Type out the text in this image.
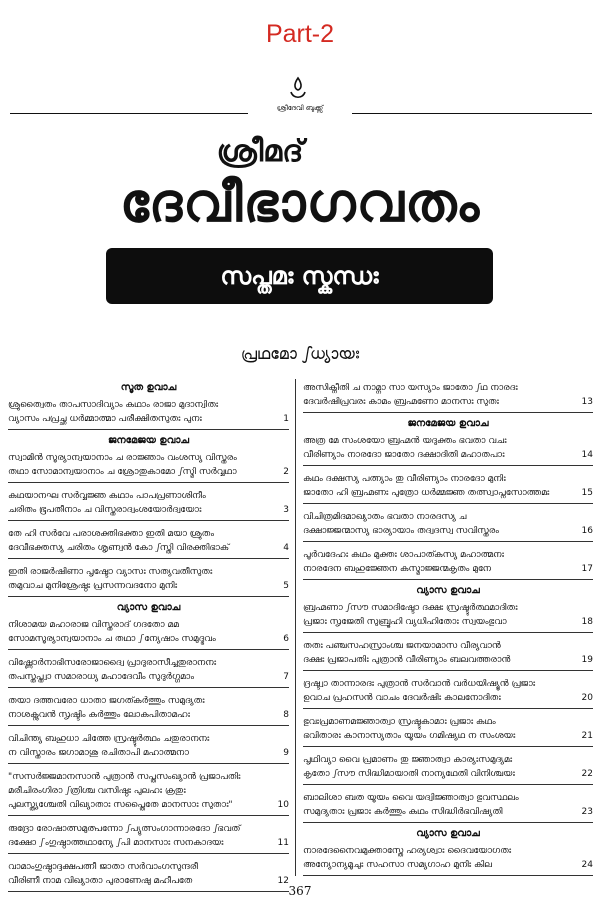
Part-2
ശ്രീദേവി ബുക്ക്സ്
ശ്രീമദ്
ദേവീഭാഗവതം
സപ്തമഃ സ്കന്ധഃ
പ്രഥമോ ഽധ്യായഃ
സൂത ഉവാച
ശ്രുത്വൈതം താപസാദിവ്യാം കഥാം രാജാ മുദാന്വിതഃ
വ്യാസം പപ്രച്ഛ ധർമ്മാത്മാ പരീക്ഷിതസുതഃ പുനഃ	1
ജനമേജയ ഉവാച
സ്വാമിൻ സൂര്യാന്വയാനാം ച രാജ്ഞാം വംശസ്യ വിസ്തരം
തഥാ സോമാന്വയാനാം ച ശ്രോതുകാമോ ഽസ്മി സർവ്വഥാ	2
കഥയാനഘ സർവ്വജ്ഞ കഥാം പാപപ്രണാശിനീം
ചരിതം ഭൂപതീനാം ച വിസ്തരാദ്വംശയോർദ്വയോഃ	3
തേ ഹി സർവേ പരാശക്തിഭക്താ ഇതി മയാ ശ്രുതം
ദേവീഭക്തസ്യ ചരിതം ശൃണ്വൻ കോ ഽസ്തി വിരക്തിഭാക്	4
ഇതി രാജർഷിണാ പൃഷ്ടോ വ്യാസഃ സത്യവതീസുതഃ
തമുവാച മുനിശ്രേഷ്ഠഃ പ്രസന്നവദനോ മുനിഃ	5
വ്യാസ ഉവാച
നിശാമയ മഹാരാജ വിസ്തരാദ് ഗദതോ മമ
സോമസൂര്യാന്വയാനാം ച തഥാ ഽന്യേഷാം സമുദ്ഭവം	6
വിഷ്ണോർനാഭിസരോജാദ്വൈ പ്രാദുരാസീച്ചതുരാനനഃ
തപസ്തപ്ത്വാ സമാരാധ്യ മഹാദേവീം സുദുർഗ്ഗമാം	7
തയാ ദത്തവരോ ധാതാ ജഗത്കർത്തും സമുദ്യതഃ
നാശക്നുവൻ സൃഷ്ടിം കർത്തും ലോകപിതാമഹഃ	8
വിചിന്ത്യ ബഹുധാ ചിത്തേ സ്രഷ്ടുർത്ഥം ചതുരാനനഃ
ന വിസ്താരം ജഗാമാശു രചിതാപി മഹാത്മനാ	9
"സസർജ്ജമാനസാൻ പുത്രാൻ സപ്തസംഖ്യാൻ പ്രജാപതിഃ
മരീചിരംഗിരാ ഽത്രിശ്ച വസിഷ്ഠഃ പുലഹഃ ക്രതുഃ
പുലസ്ത്യശ്ചേതി വിഖ്യാതാഃ സപ്തൈതേ മാനസാഃ സുതാഃ"	10
രുദ്രോ രോഷാത്സമുത്പന്നോ ഽപ്യുത്സംഗാന്നാരദോ ഽഭവത്
ദക്ഷോ ഽംഗുഷ്ഠാത്തഥാന്യേ ഽപി മാനസാഃ സനകാദയഃ	11
വാമാംഗുഷ്ഠാദ്ദക്ഷപത്നീ ജാതാ സർവാംഗസുന്ദരീ
വീരിണീ നാമ വിഖ്യാതാ പുരാണേഷു മഹീപതേ	12
അസിക്നീതി ച നാമ്നാ സാ യസ്യാം ജാതോ ഽഥ നാരദഃ
ദേവർഷിപ്രവരഃ കാമം ബ്രഹ്മണോ മാനസഃ സുതഃ	13
ജനമേജയ ഉവാച
അത്ര മേ സംശയോ ബ്രഹ്മൻ യദുക്തം ഭവതാ വചഃ
വീരിണ്യാം നാരദോ ജാതോ ദക്ഷാദിതി മഹാതപാഃ	14
കഥം ദക്ഷസ്യ പത്ന്യാം തു വീരിണ്യാം നാരദോ മുനിഃ
ജാതോ ഹി ബ്രഹ്മണഃ പുത്രോ ധർമ്മജ്ഞ തത്സ്വാപ്നസോത്തമഃ	15
വിചിത്രമിദമാഖ്യാതം ഭവതാ നാരദസ്യ ച
ദക്ഷാജ്ജന്മാസ്യ ഭാര്യായാം തദ്വദസ്വ സവിസ്തരം	16
പൂർവദേഹഃ കഥം മുക്തഃ ശാപാത്കസ്യ മഹാത്മനഃ
നാരദേന ബഹുജ്ഞേന കസ്മാജ്ജന്മകൃതം മുനേ	17
വ്യാസ ഉവാച
ബ്രഹ്മണാ ഽസൗ സമാദിഷ്ടോ ദക്ഷഃ സ്രഷ്ടുർത്ഥമാദിതഃ
പ്രജാഃ സൃജേതി സുബ്രൂഹി വ്യധിഹിതോഃ സ്വയംഭുവാ	18
തതഃ പഞ്ചസഹസ്രാംശ്ച ജനയാമാസ വീര്യവാൻ
ദക്ഷഃ പ്രജാപതിഃ പുത്രാൻ വീരിണ്യാം ബലവത്തരാൻ	19
ദ്രഷ്ട്വാ താന്നാരദഃ പുത്രാൻ സർവാൻ വർധയിഷ്യൂൻ പ്രജാഃ
ഉവാച പ്രഹസൻ വാചം ദേവർഷിഃ കാലനോദിതഃ	20
ഭുവഃപ്രമാണമജ്ഞാത്വാ സ്രഷ്ടുകാമാഃ പ്രജാഃ കഥം
ഭവിതാരഃ കാനാസ്യതാം യൂയം ഗമിഷ്യഥ ന സംശയഃ	21
പൃഥിവ്യാ വൈ പ്രമാണം തു ജ്ഞാത്വാ കാര്യഃസമുദ്യമഃ
കൃതോ ഽസൗ സിദ്ധിമായാതി നാന്യഥേതി വിനിശ്ചയഃ	22
ബാലിശാ ബത യൂയം വൈ യദ്വിജ്ഞാത്വാ ഭുവസ്ഥലം
സമുദ്യതാഃ പ്രജാഃ കർത്തും കഥം സിദ്ധിർഭവിഷ്യതി	23
വ്യാസ ഉവാച
നാരദേനൈവമുക്താസ്തേ ഹര്യശ്വാഃ ദൈവയോഗതഃ
അന്യോന്യമൂചുഃ സഹസാ സമ്യഗാഹ മുനിഃ കില	24
367
